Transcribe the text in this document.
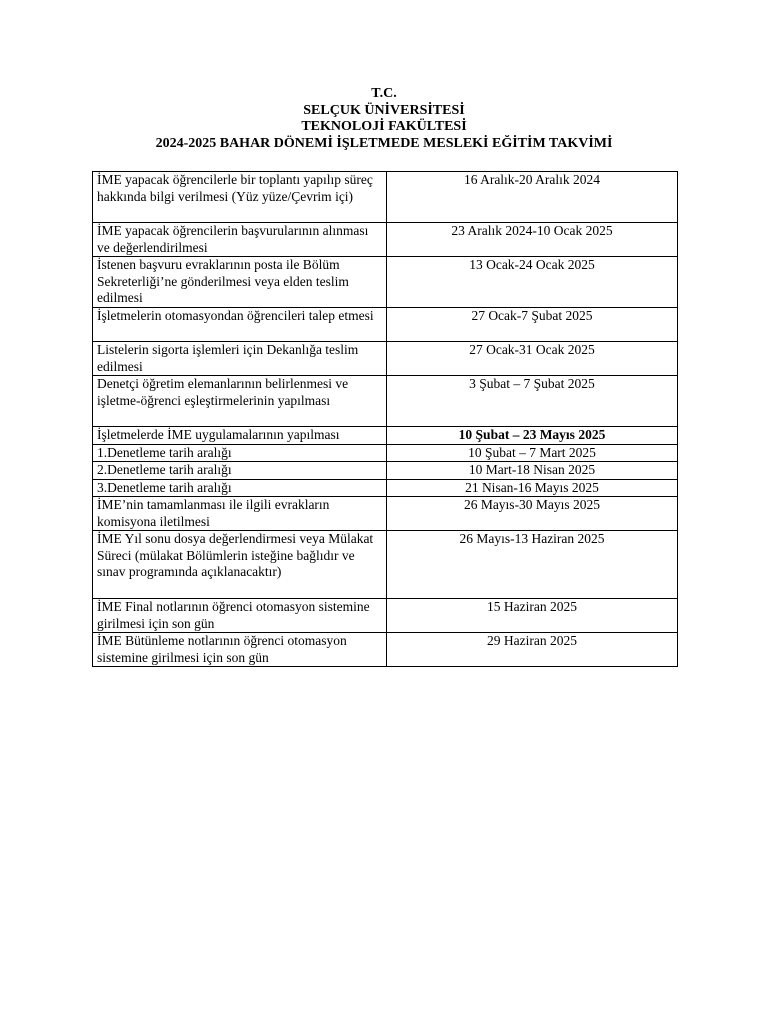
T.C.
SELÇUK ÜNİVERSİTESİ
TEKNOLOJİ FAKÜLTESİ
2024-2025 BAHAR DÖNEMİ İŞLETMEDE MESLEKİ EĞİTİM TAKVİMİ
İME yapacak öğrencilerle bir toplantı yapılıp süreç hakkında bilgi verilmesi (Yüz yüze/Çevrim içi)	16 Aralık-20 Aralık 2024
İME yapacak öğrencilerin başvurularının alınması ve değerlendirilmesi	23 Aralık 2024-10 Ocak 2025
İstenen başvuru evraklarının posta ile Bölüm Sekreterliği’ne gönderilmesi veya elden teslim edilmesi	13 Ocak-24 Ocak 2025
İşletmelerin otomasyondan öğrencileri talep etmesi	27 Ocak-7 Şubat 2025
Listelerin sigorta işlemleri için Dekanlığa teslim edilmesi	27 Ocak-31 Ocak 2025
Denetçi öğretim elemanlarının belirlenmesi ve işletme-öğrenci eşleştirmelerinin yapılması	3 Şubat – 7 Şubat 2025
İşletmelerde İME uygulamalarının yapılması	10 Şubat – 23 Mayıs 2025
1.Denetleme tarih aralığı	10 Şubat – 7 Mart 2025
2.Denetleme tarih aralığı	10 Mart-18 Nisan 2025
3.Denetleme tarih aralığı	21 Nisan-16 Mayıs 2025
İME’nin tamamlanması ile ilgili evrakların komisyona iletilmesi	26 Mayıs-30 Mayıs 2025
İME Yıl sonu dosya değerlendirmesi veya Mülakat Süreci (mülakat Bölümlerin isteğine bağlıdır ve sınav programında açıklanacaktır)	26 Mayıs-13 Haziran 2025
İME Final notlarının öğrenci otomasyon sistemine girilmesi için son gün	15 Haziran 2025
İME Bütünleme notlarının öğrenci otomasyon sistemine girilmesi için son gün	29 Haziran 2025
